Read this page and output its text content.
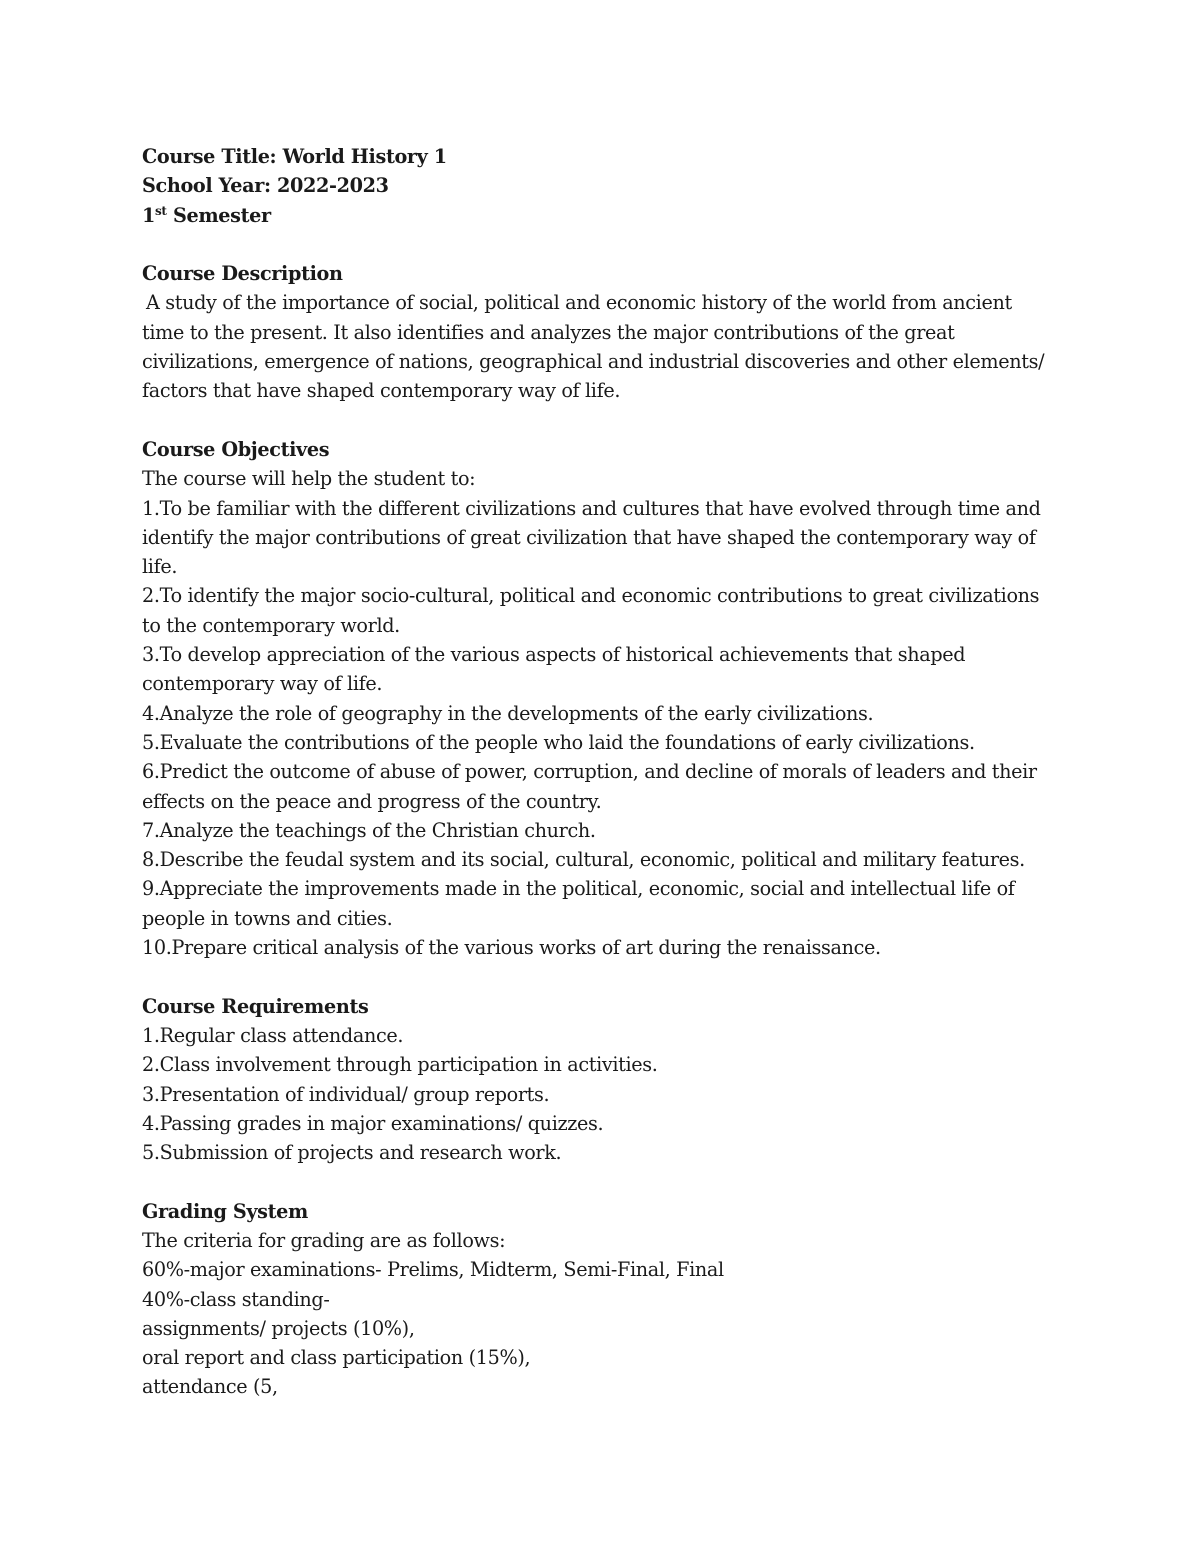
Course Title: World History 1
School Year: 2022-2023
1st Semester
Course Description
A study of the importance of social, political and economic history of the world from ancient
time to the present. It also identifies and analyzes the major contributions of the great
civilizations, emergence of nations, geographical and industrial discoveries and other elements/
factors that have shaped contemporary way of life.
Course Objectives
The course will help the student to:
1.To be familiar with the different civilizations and cultures that have evolved through time and
identify the major contributions of great civilization that have shaped the contemporary way of
life.
2.To identify the major socio-cultural, political and economic contributions to great civilizations
to the contemporary world.
3.To develop appreciation of the various aspects of historical achievements that shaped
contemporary way of life.
4.Analyze the role of geography in the developments of the early civilizations.
5.Evaluate the contributions of the people who laid the foundations of early civilizations.
6.Predict the outcome of abuse of power, corruption, and decline of morals of leaders and their
effects on the peace and progress of the country.
7.Analyze the teachings of the Christian church.
8.Describe the feudal system and its social, cultural, economic, political and military features.
9.Appreciate the improvements made in the political, economic, social and intellectual life of
people in towns and cities.
10.Prepare critical analysis of the various works of art during the renaissance.
Course Requirements
1.Regular class attendance.
2.Class involvement through participation in activities.
3.Presentation of individual/ group reports.
4.Passing grades in major examinations/ quizzes.
5.Submission of projects and research work.
Grading System
The criteria for grading are as follows:
60%-major examinations- Prelims, Midterm, Semi-Final, Final
40%-class standing-
assignments/ projects (10%),
oral report and class participation (15%),
attendance (5,
